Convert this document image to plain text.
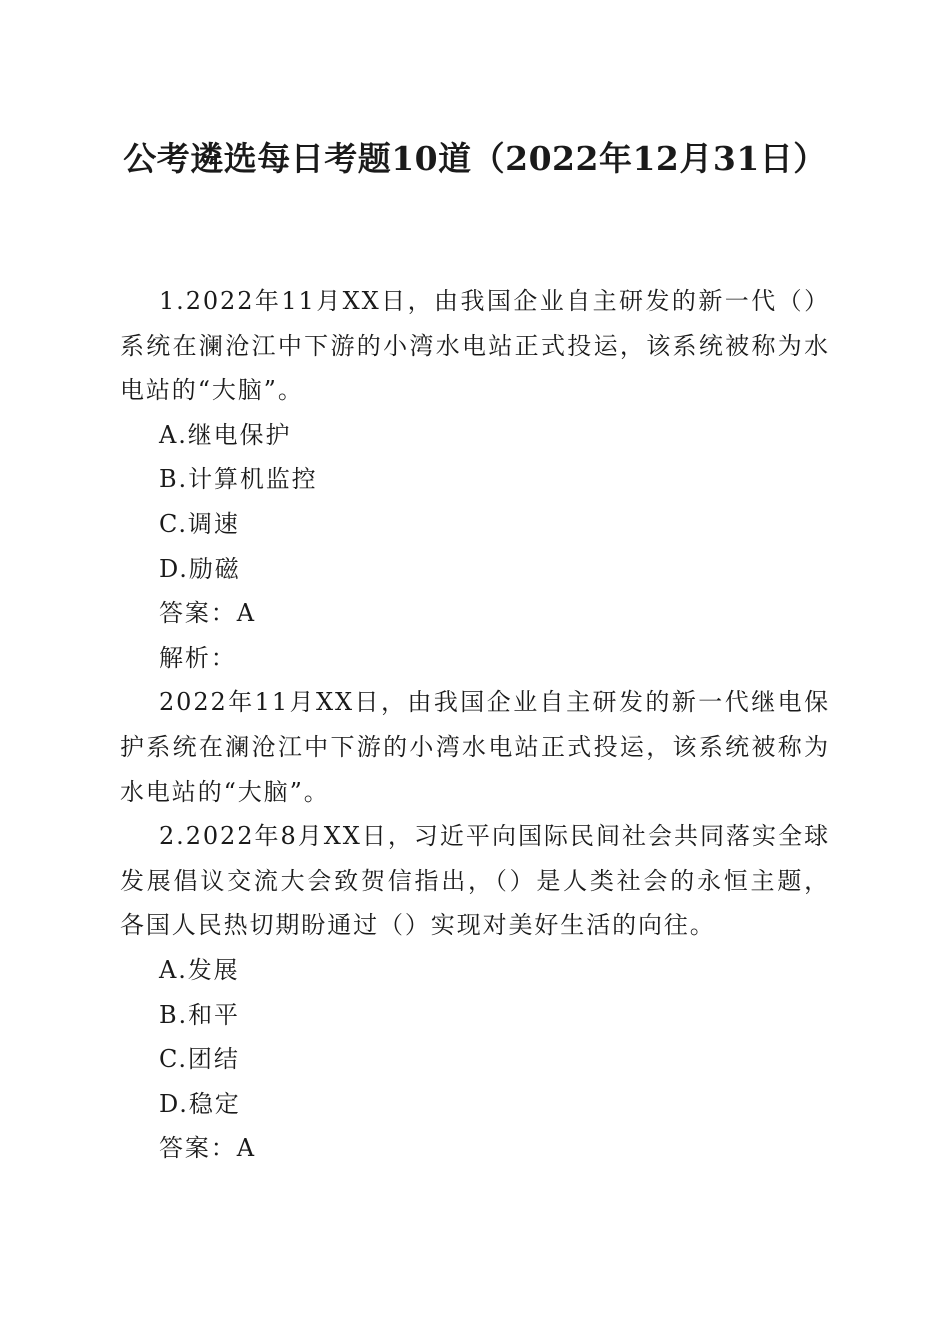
公考遴选每日考题10道（2022年12月31日）

1.2022年11月XX日，由我国企业自主研发的新一代（）系统在澜沧江中下游的小湾水电站正式投运，该系统被称为水电站的“大脑”。

A.继电保护

B.计算机监控

C.调速

D.励磁

答案：A

解析：

2022年11月XX日，由我国企业自主研发的新一代继电保护系统在澜沧江中下游的小湾水电站正式投运，该系统被称为水电站的“大脑”。

2.2022年8月XX日，习近平向国际民间社会共同落实全球发展倡议交流大会致贺信指出，（）是人类社会的永恒主题，各国人民热切期盼通过（）实现对美好生活的向往。

A.发展

B.和平

C.团结

D.稳定

答案：A
